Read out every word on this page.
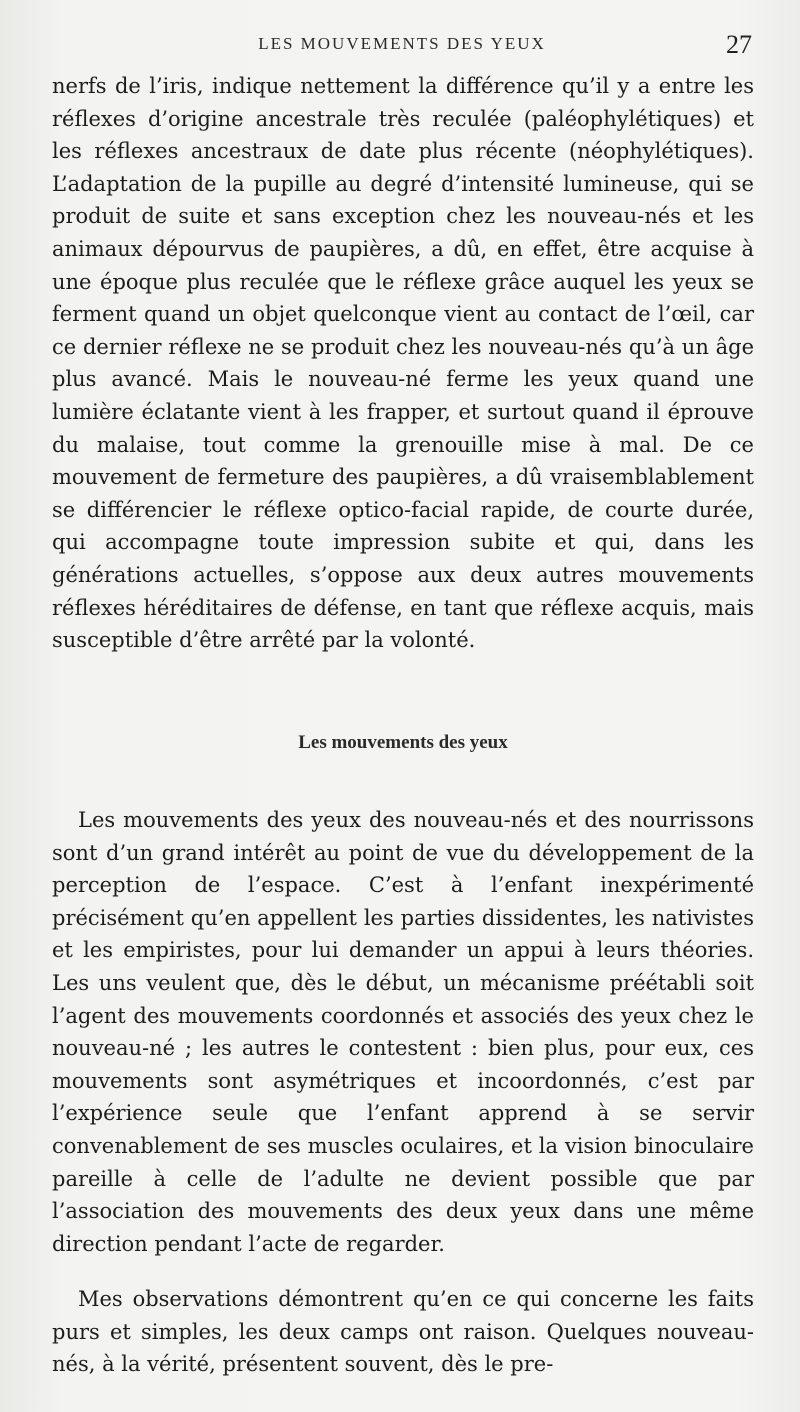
LES MOUVEMENTS DES YEUX	27

nerfs de l’iris, indique nettement la différence qu’il y a entre les réflexes d’origine ancestrale très reculée (paléophylétiques) et les réflexes ancestraux de date plus récente (néophylétiques). L’adaptation de la pupille au degré d’intensité lumineuse, qui se produit de suite et sans exception chez les nouveau-nés et les animaux dépourvus de paupières, a dû, en effet, être acquise à une époque plus reculée que le réflexe grâce auquel les yeux se ferment quand un objet quelconque vient au contact de l’œil, car ce dernier réflexe ne se produit chez les nouveau-nés qu’à un âge plus avancé. Mais le nouveau-né ferme les yeux quand une lumière éclatante vient à les frapper, et surtout quand il éprouve du malaise, tout comme la grenouille mise à mal. De ce mouvement de fermeture des paupières, a dû vraisemblablement se différencier le réflexe optico-facial rapide, de courte durée, qui accompagne toute impression subite et qui, dans les générations actuelles, s’oppose aux deux autres mouvements réflexes héréditaires de défense, en tant que réflexe acquis, mais susceptible d’être arrêté par la volonté.

Les mouvements des yeux

Les mouvements des yeux des nouveau-nés et des nourrissons sont d’un grand intérêt au point de vue du développement de la perception de l’espace. C’est à l’enfant inexpérimenté précisément qu’en appellent les parties dissidentes, les nativistes et les empiristes, pour lui demander un appui à leurs théories. Les uns veulent que, dès le début, un mécanisme préétabli soit l’agent des mouvements coordonnés et associés des yeux chez le nouveau-né ; les autres le contestent : bien plus, pour eux, ces mouvements sont asymétriques et incoordonnés, c’est par l’expérience seule que l’enfant apprend à se servir convenablement de ses muscles oculaires, et la vision binoculaire pareille à celle de l’adulte ne devient possible que par l’association des mouvements des deux yeux dans une même direction pendant l’acte de regarder.

Mes observations démontrent qu’en ce qui concerne les faits purs et simples, les deux camps ont raison. Quelques nouveau-nés, à la vérité, présentent souvent, dès le pre-
